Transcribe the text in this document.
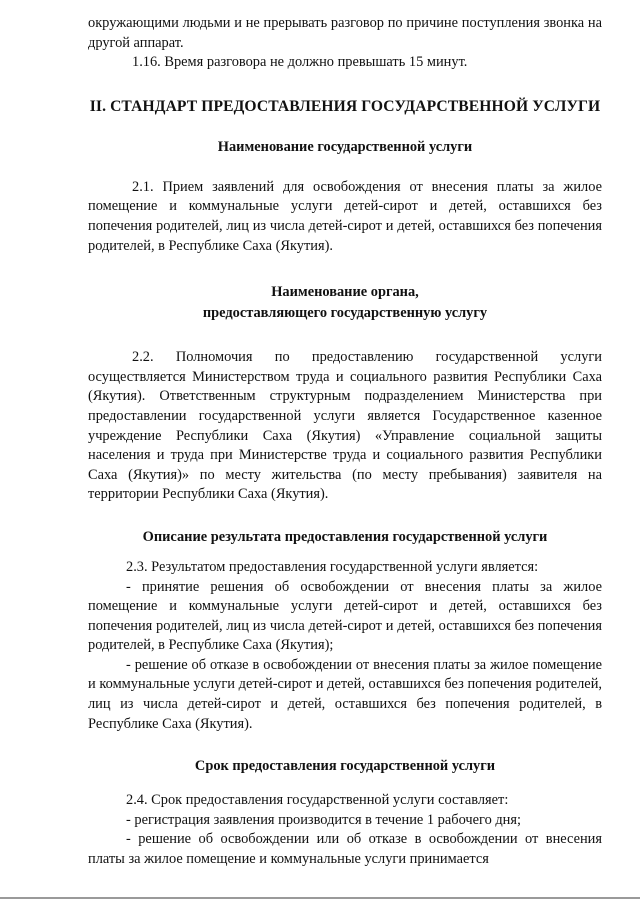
окружающими людьми и не прерывать разговор по причине поступления звонка на другой аппарат.

1.16. Время разговора не должно превышать 15 минут.

II. СТАНДАРТ ПРЕДОСТАВЛЕНИЯ ГОСУДАРСТВЕННОЙ УСЛУГИ
Наименование государственной услуги

2.1. Прием заявлений для освобождения от внесения платы за жилое помещение и коммунальные услуги детей-сирот и детей, оставшихся без попечения родителей, лиц из числа детей-сирот и детей, оставшихся без попечения родителей, в Республике Саха (Якутия).

Наименование органа,
предоставляющего государственную услугу

2.2. Полномочия по предоставлению государственной услуги осуществляется Министерством труда и социального развития Республики Саха (Якутия). Ответственным структурным подразделением Министерства при предоставлении государственной услуги является Государственное казенное учреждение Республики Саха (Якутия) «Управление социальной защиты населения и труда при Министерстве труда и социального развития Республики Саха (Якутия)» по месту жительства (по месту пребывания) заявителя на территории Республики Саха (Якутия).

Описание результата предоставления государственной услуги

2.3. Результатом предоставления государственной услуги является:

- принятие решения об освобождении от внесения платы за жилое помещение и коммунальные услуги детей-сирот и детей, оставшихся без попечения родителей, лиц из числа детей-сирот и детей, оставшихся без попечения родителей, в Республике Саха (Якутия);

- решение об отказе в освобождении от внесения платы за жилое помещение и коммунальные услуги детей-сирот и детей, оставшихся без попечения родителей, лиц из числа детей-сирот и детей, оставшихся без попечения родителей, в Республике Саха (Якутия).

Срок предоставления государственной услуги

2.4. Срок предоставления государственной услуги составляет:

- регистрация заявления производится в течение 1 рабочего дня;

- решение об освобождении или об отказе в освобождении от внесения платы за жилое помещение и коммунальные услуги принимается
